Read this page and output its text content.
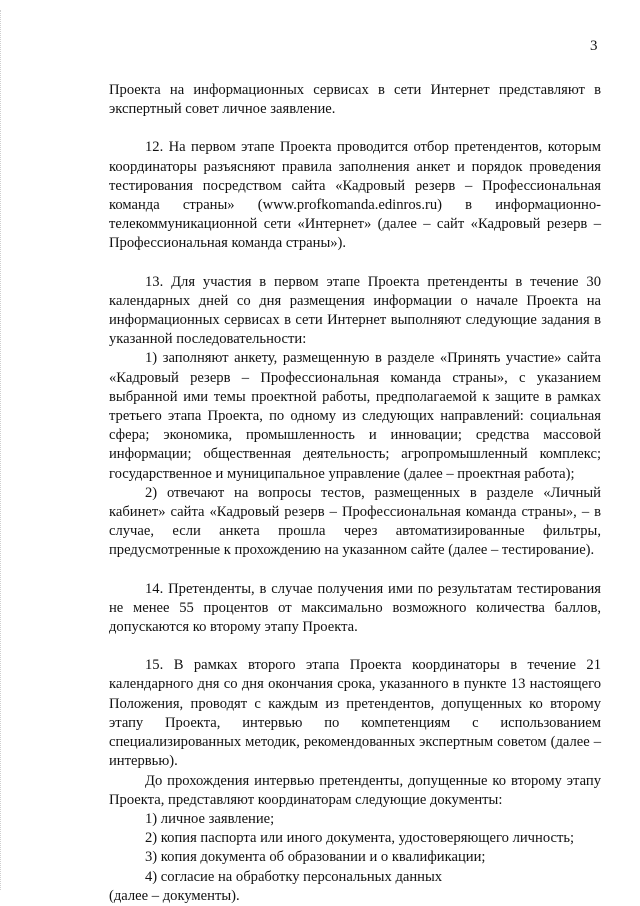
3

Проекта на информационных сервисах в сети Интернет представляют в экспертный совет личное заявление.

12. На первом этапе Проекта проводится отбор претендентов, которым координаторы разъясняют правила заполнения анкет и порядок проведения тестирования посредством сайта «Кадровый резерв – Профессиональная команда страны» (www.profkomanda.edinros.ru) в информационно-телекоммуникационной сети «Интернет» (далее – сайт «Кадровый резерв – Профессиональная команда страны»).

13. Для участия в первом этапе Проекта претенденты в течение 30 календарных дней со дня размещения информации о начале Проекта на информационных сервисах в сети Интернет выполняют следующие задания в указанной последовательности:

1) заполняют анкету, размещенную в разделе «Принять участие» сайта «Кадровый резерв – Профессиональная команда страны», с указанием выбранной ими темы проектной работы, предполагаемой к защите в рамках третьего этапа Проекта, по одному из следующих направлений: социальная сфера; экономика, промышленность и инновации; средства массовой информации; общественная деятельность; агропромышленный комплекс; государственное и муниципальное управление (далее – проектная работа);

2) отвечают на вопросы тестов, размещенных в разделе «Личный кабинет» сайта «Кадровый резерв – Профессиональная команда страны», – в случае, если анкета прошла через автоматизированные фильтры, предусмотренные к прохождению на указанном сайте (далее – тестирование).

14. Претенденты, в случае получения ими по результатам тестирования не менее 55 процентов от максимально возможного количества баллов, допускаются ко второму этапу Проекта.

15. В рамках второго этапа Проекта координаторы в течение 21 календарного дня со дня окончания срока, указанного в пункте 13 настоящего Положения, проводят с каждым из претендентов, допущенных ко второму этапу Проекта, интервью по компетенциям с использованием специализированных методик, рекомендованных экспертным советом (далее – интервью).

До прохождения интервью претенденты, допущенные ко второму этапу Проекта, представляют координаторам следующие документы:

1) личное заявление;

2) копия паспорта или иного документа, удостоверяющего личность;

3) копия документа об образовании и о квалификации;

4) согласие на обработку персональных данных

(далее – документы).
